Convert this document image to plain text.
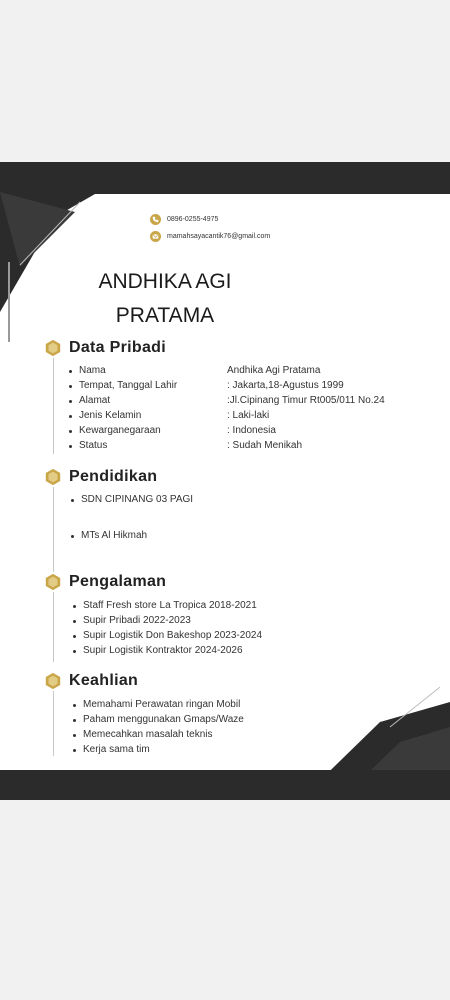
0896-0255-4975
mamahsayacantik76@gmail.com
ANDHIKA AGI
PRATAMA
Data Pribadi
Nama	Andhika Agi Pratama
Tempat, Tanggal Lahir	: Jakarta,18-Agustus 1999
Alamat	:Jl.Cipinang Timur Rt005/011 No.24
Jenis Kelamin	: Laki-laki
Kewarganegaraan	: Indonesia
Status	: Sudah Menikah
Pendidikan
SDN CIPINANG 03 PAGI
MTs Al Hikmah
Pengalaman
Staff Fresh store La Tropica 2018-2021
Supir Pribadi 2022-2023
Supir Logistik Don Bakeshop 2023-2024
Supir Logistik Kontraktor 2024-2026
Keahlian
Memahami Perawatan ringan Mobil
Paham menggunakan Gmaps/Waze
Memecahkan masalah teknis
Kerja sama tim
